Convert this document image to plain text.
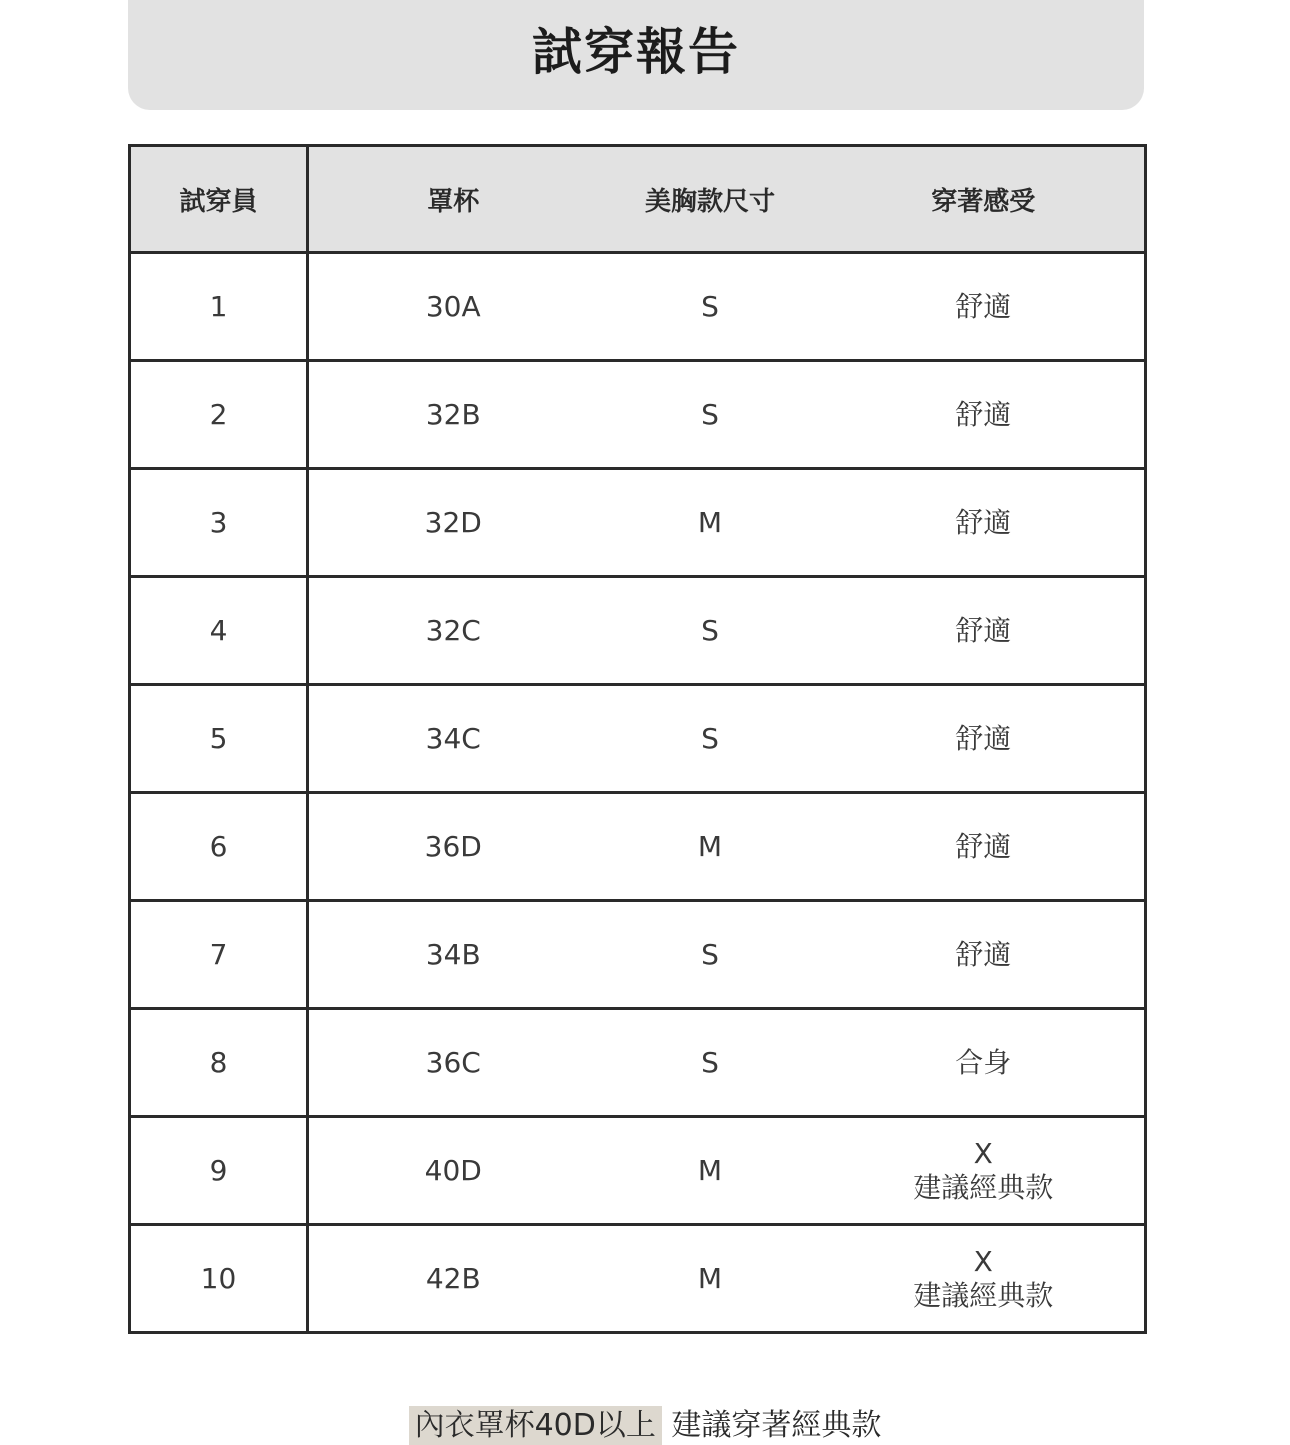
試穿報告
試穿員	罩杯	美胸款尺寸	穿著感受
1	30A	S	舒適

2	32B	S	舒適

3	32D	M	舒適

4	32C	S	舒適

5	34C	S	舒適

6	36D	M	舒適

7	34B	S	舒適

8	36C	S	合身

9	40D	M	X
建議經典款

10	42B	M	X
建議經典款
內衣罩杯40D以上 建議穿著經典款
